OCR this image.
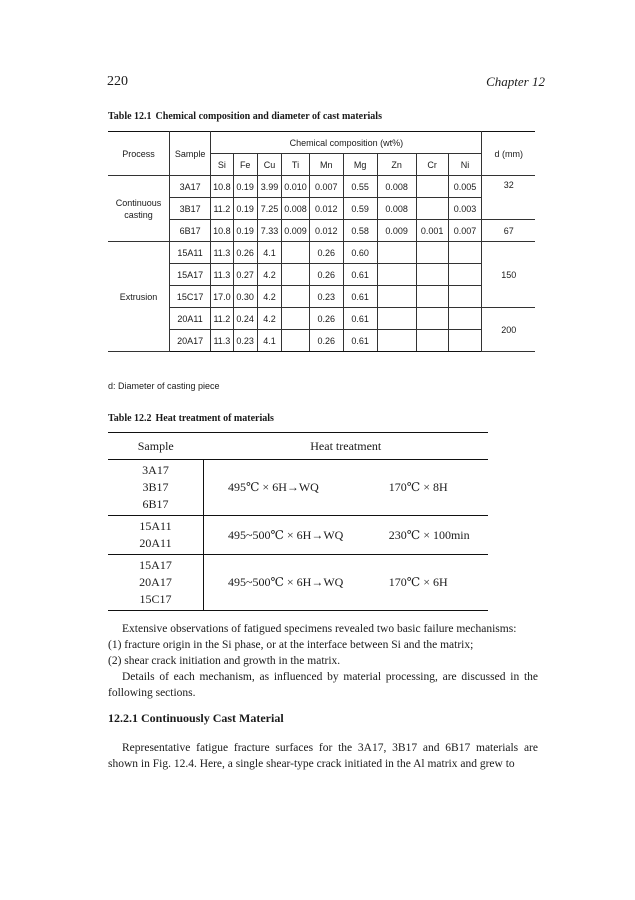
220	Chapter 12
Table 12.1 Chemical composition and diameter of cast materials
Process	Sample	Chemical composition (wt%)									d (mm)
		Si	Fe	Cu	Ti	Mn	Mg	Zn	Cr	Ni	
Continuous casting	3A17	10.8	0.19	3.99	0.010	0.007	0.55	0.008		0.005	32
	3B17	11.2	0.19	7.25	0.008	0.012	0.59	0.008		0.003	
	6B17	10.8	0.19	7.33	0.009	0.012	0.58	0.009	0.001	0.007	67
Extrusion	15A11	11.3	0.26	4.1		0.26	0.60				150
	15A17	11.3	0.27	4.2		0.26	0.61				
	15C17	17.0	0.30	4.2		0.23	0.61				
	20A11	11.2	0.24	4.2		0.26	0.61				200
	20A17	11.3	0.23	4.1		0.26	0.61				
d: Diameter of casting piece
Table 12.2 Heat treatment of materials
Sample	Heat treatment	

3A17
3B17
6B17	495℃ × 6H→WQ	170℃ × 8H

15A11
20A11	495~500℃ × 6H→WQ	230℃ × 100min

15A17
20A17
15C17	495~500℃ × 6H→WQ	170℃ × 6H

Extensive observations of fatigued specimens revealed two basic failure mechanisms:

(1) fracture origin in the Si phase, or at the interface between Si and the matrix;

(2) shear crack initiation and growth in the matrix.

Details of each mechanism, as influenced by material processing, are discussed in the following sections.

12.2.1 Continuously Cast Material

Representative fatigue fracture surfaces for the 3A17, 3B17 and 6B17 materials are shown in Fig. 12.4. Here, a single shear-type crack initiated in the Al matrix and grew to
